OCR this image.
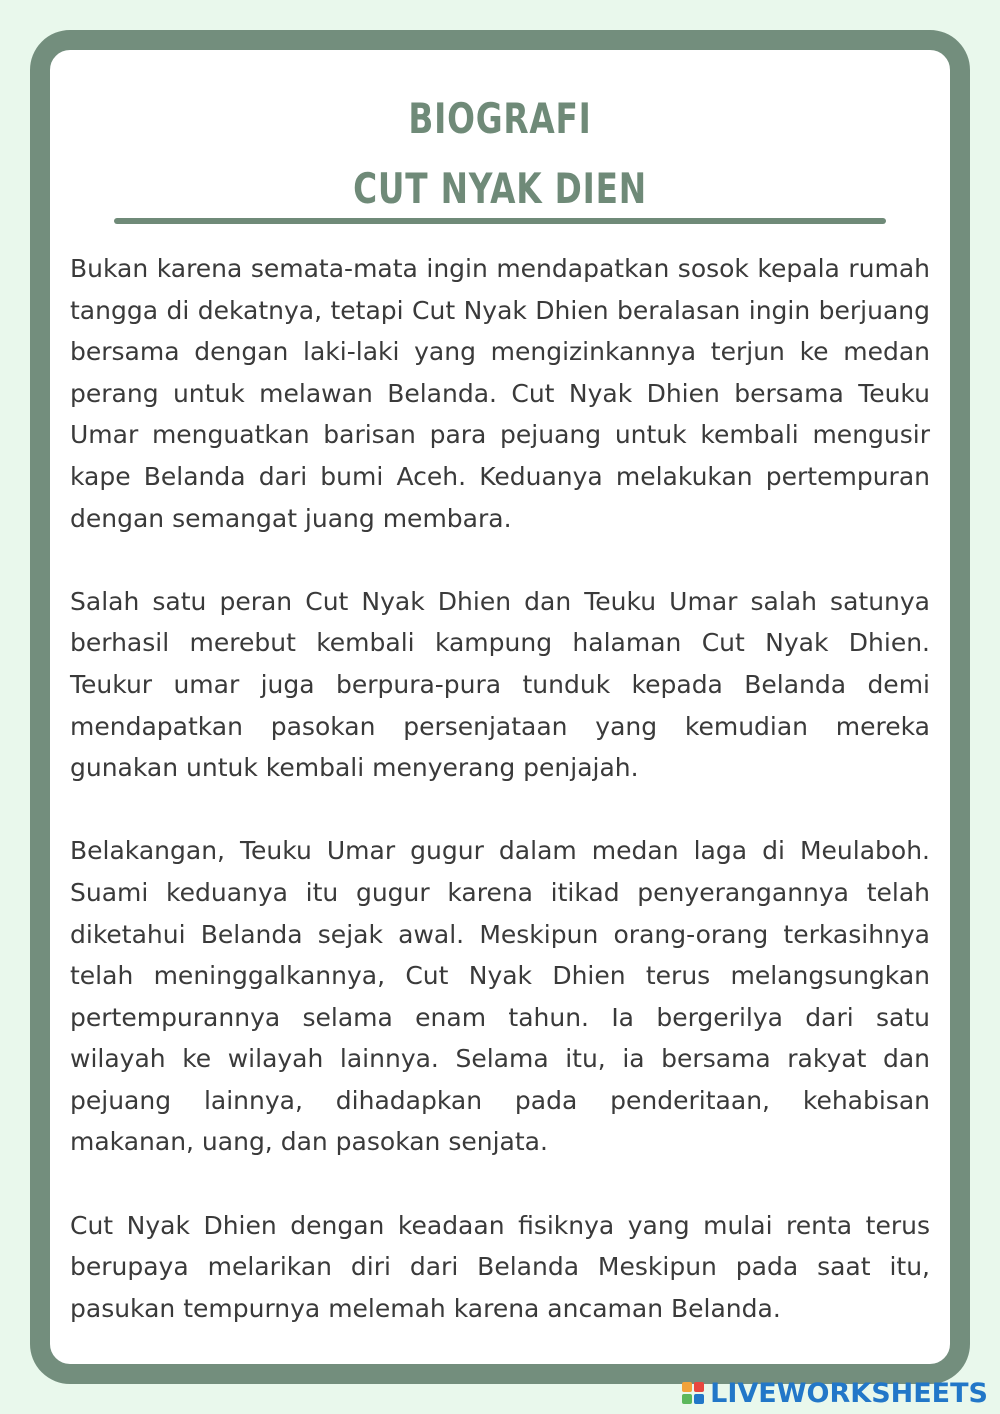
BIOGRAFI
CUT NYAK DIEN

Bukan karena semata-mata ingin mendapatkan sosok kepala rumah tangga di dekatnya, tetapi Cut Nyak Dhien beralasan ingin berjuang bersama dengan laki-laki yang mengizinkannya terjun ke medan perang untuk melawan Belanda. Cut Nyak Dhien bersama Teuku Umar menguatkan barisan para pejuang untuk kembali mengusir kape Belanda dari bumi Aceh. Keduanya melakukan pertempuran dengan semangat juang membara.

Salah satu peran Cut Nyak Dhien dan Teuku Umar salah satunya berhasil merebut kembali kampung halaman Cut Nyak Dhien. Teukur umar juga berpura-pura tunduk kepada Belanda demi mendapatkan pasokan persenjataan yang kemudian mereka gunakan untuk kembali menyerang penjajah.

Belakangan, Teuku Umar gugur dalam medan laga di Meulaboh. Suami keduanya itu gugur karena itikad penyerangannya telah diketahui Belanda sejak awal. Meskipun orang-orang terkasihnya telah meninggalkannya, Cut Nyak Dhien terus melangsungkan pertempurannya selama enam tahun. Ia bergerilya dari satu wilayah ke wilayah lainnya. Selama itu, ia bersama rakyat dan pejuang lainnya, dihadapkan pada penderitaan, kehabisan makanan, uang, dan pasokan senjata.

Cut Nyak Dhien dengan keadaan fisiknya yang mulai renta terus berupaya melarikan diri dari Belanda Meskipun pada saat itu, pasukan tempurnya melemah karena ancaman Belanda.

LIVEWORKSHEETS
